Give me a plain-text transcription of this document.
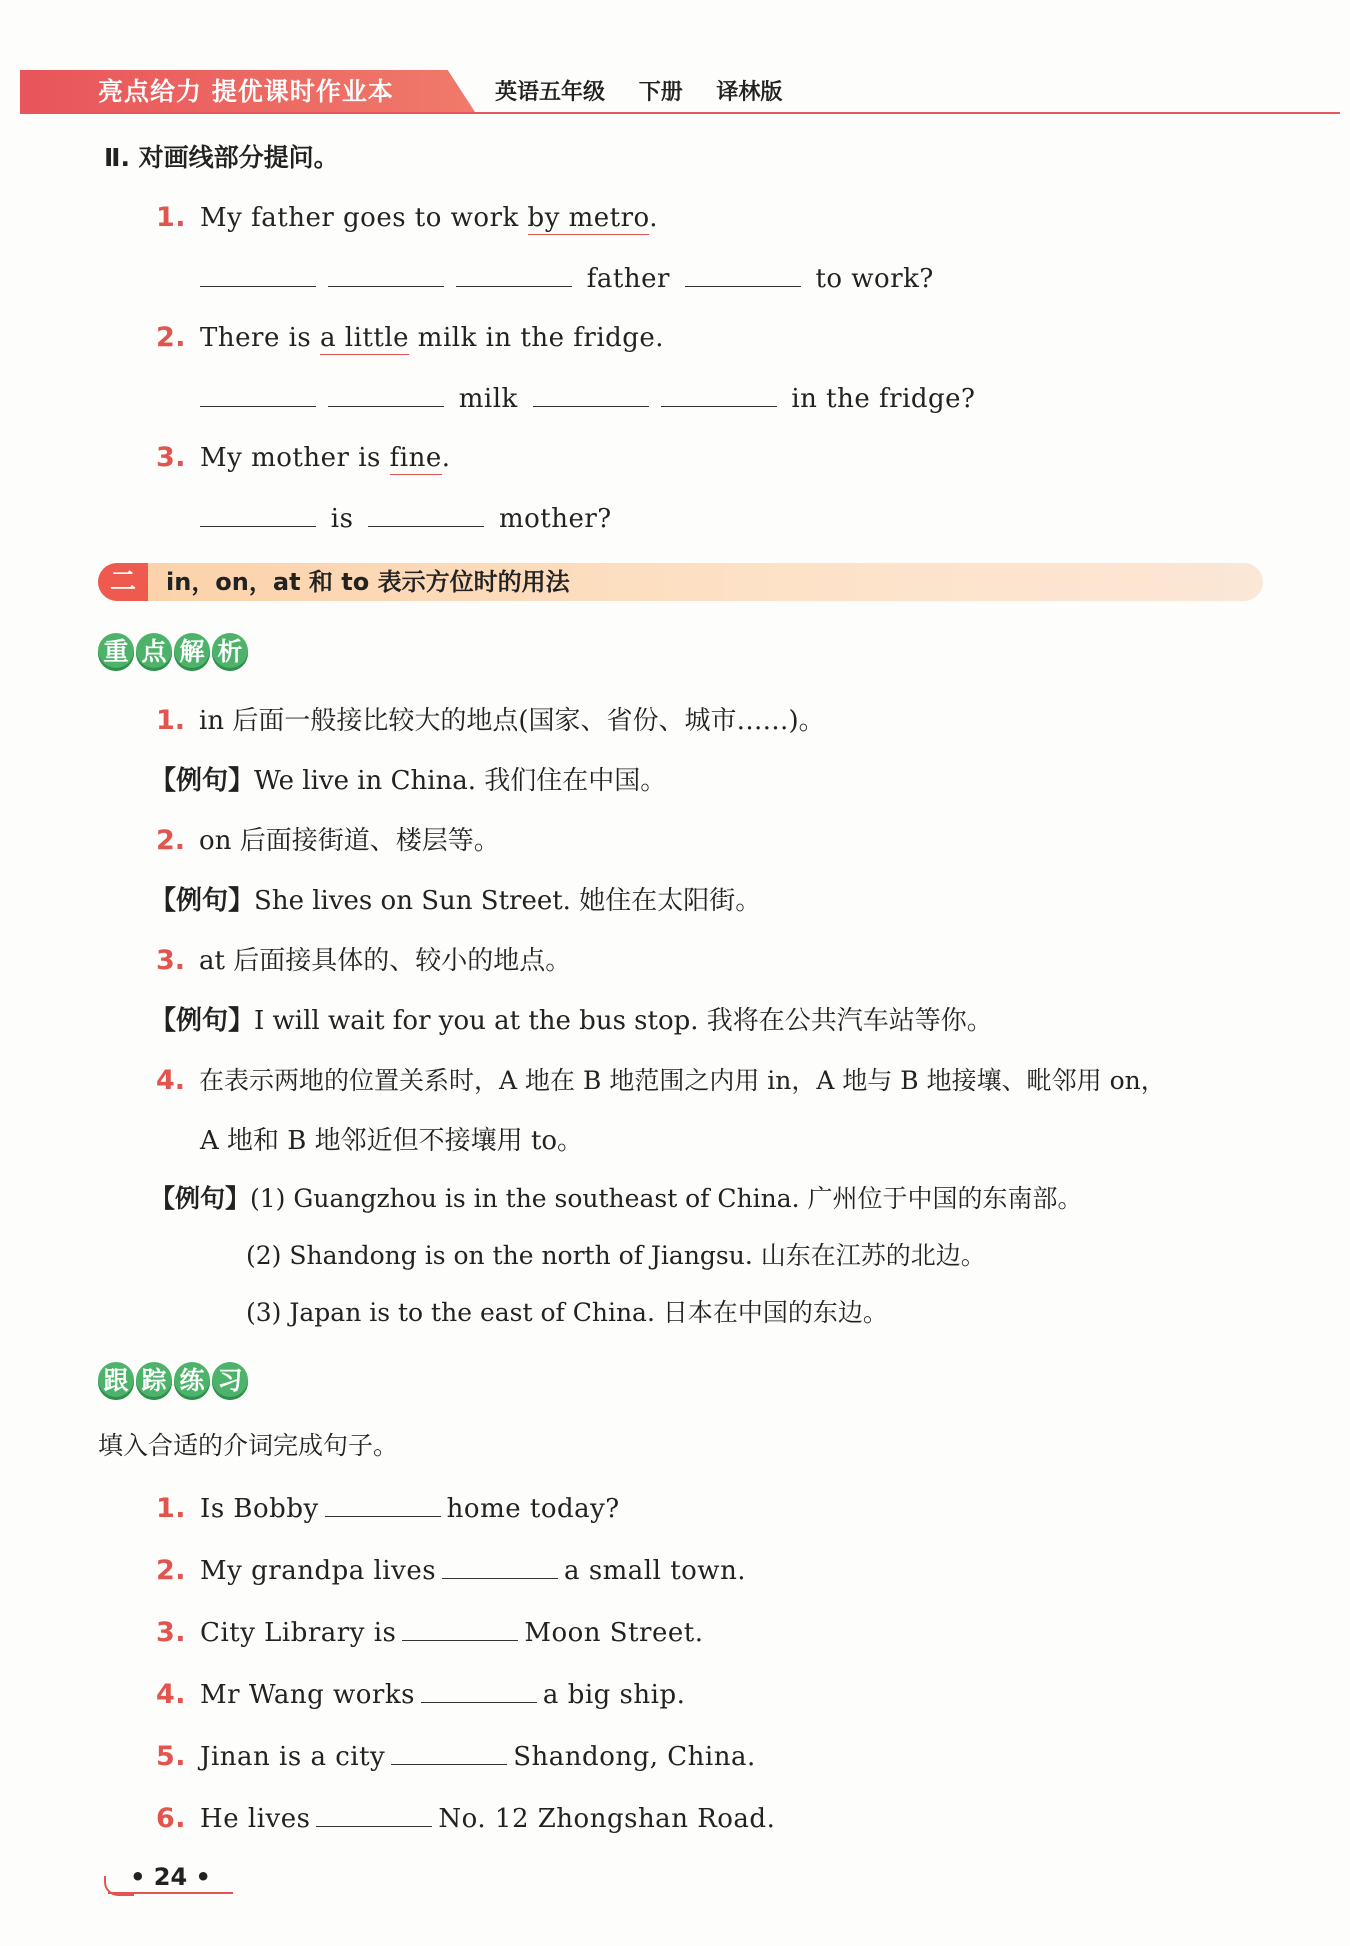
亮点给力 提优课时作业本	英语五年级 下册 译林版
Ⅱ. 对画线部分提问。
1. My father goes to work by metro.
father	to work?
2. There is a little milk in the fridge.
milk	in the fridge?
3. My mother is fine.
is	mother?
二	in，on，at 和 to 表示方位时的用法
重 点 解 析
1. in 后面一般接比较大的地点(国家、省份、城市……)。
【例句】We live in China. 我们住在中国。
2. on 后面接街道、楼层等。
【例句】She lives on Sun Street. 她住在太阳街。
3. at 后面接具体的、较小的地点。
【例句】I will wait for you at the bus stop. 我将在公共汽车站等你。
4. 在表示两地的位置关系时，A 地在 B 地范围之内用 in，A 地与 B 地接壤、毗邻用 on，
A 地和 B 地邻近但不接壤用 to。
【例句】(1) Guangzhou is in the southeast of China. 广州位于中国的东南部。
(2) Shandong is on the north of Jiangsu. 山东在江苏的北边。
(3) Japan is to the east of China. 日本在中国的东边。
跟 踪 练 习
填入合适的介词完成句子。
1. Is Bobby	home today?
2. My grandpa lives	a small town.
3. City Library is	Moon Street.
4. Mr Wang works	a big ship.
5. Jinan is a city	Shandong, China.
6. He lives	No. 12 Zhongshan Road.
• 24 •
